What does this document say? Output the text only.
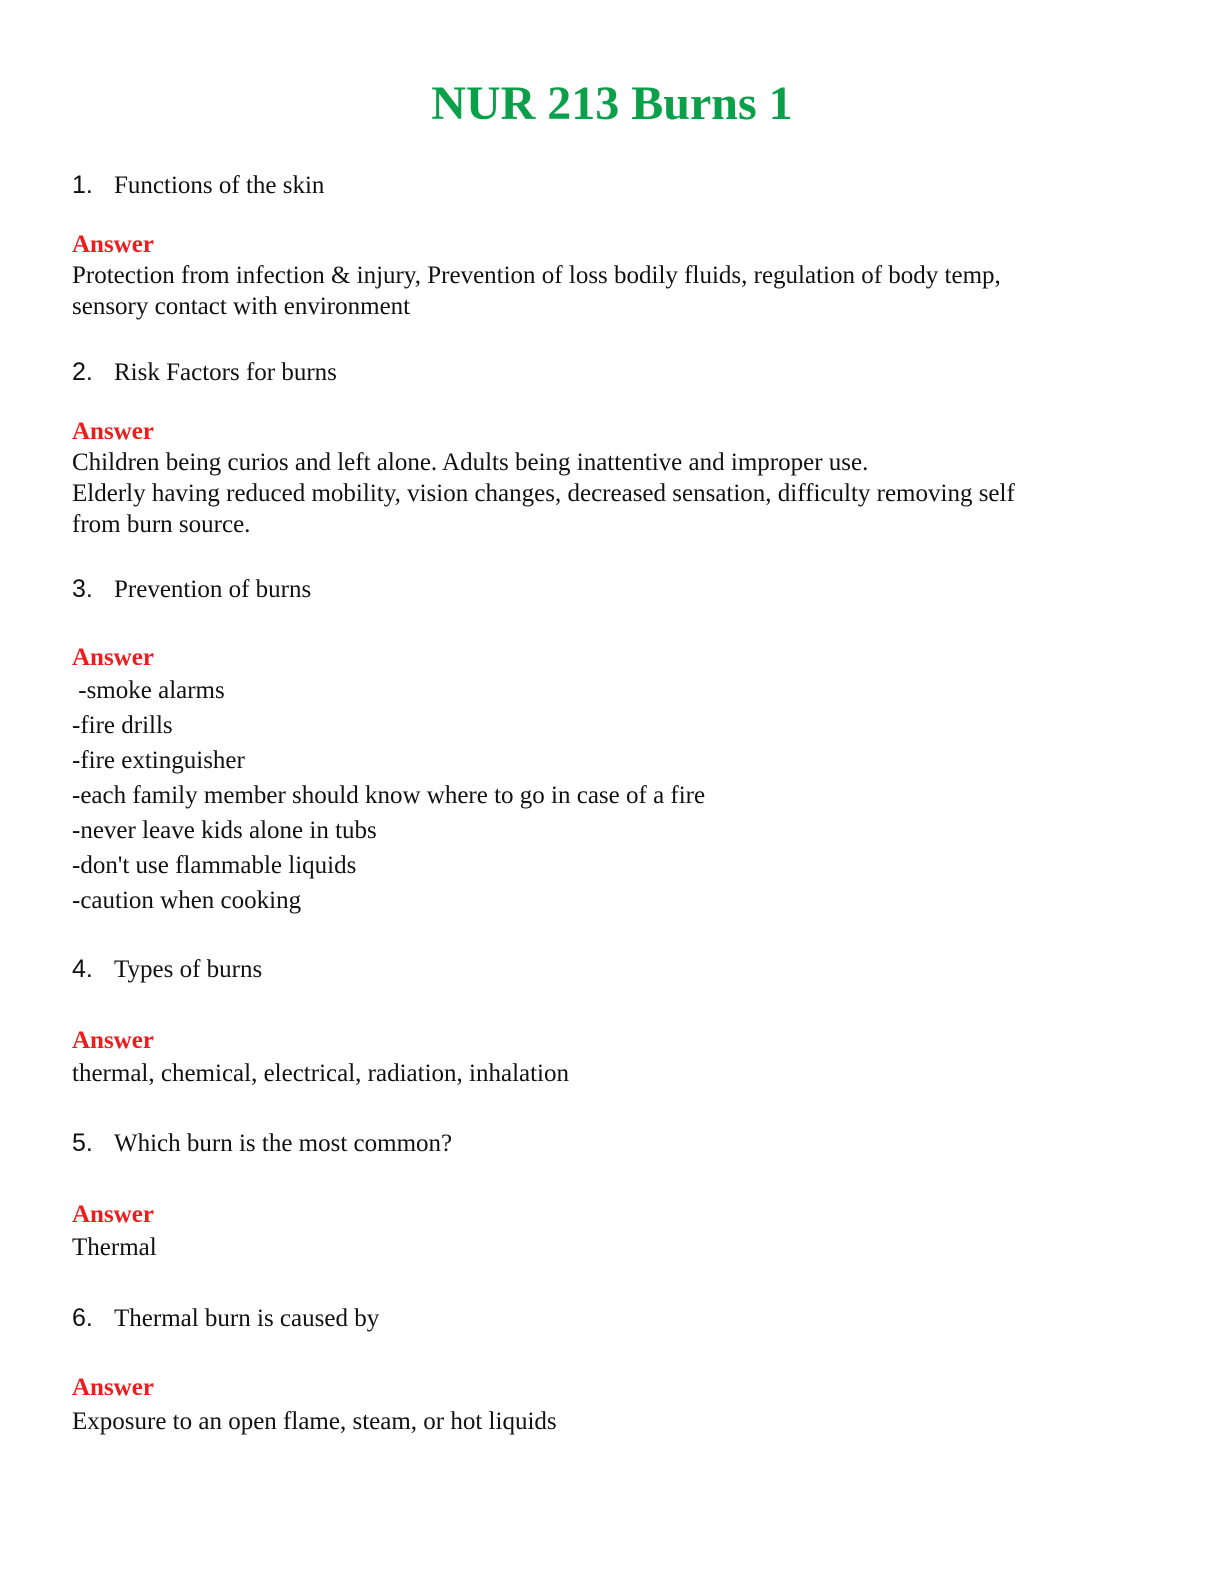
NUR 213 Burns 1
1. Functions of the skin
Answer
Protection from infection & injury, Prevention of loss bodily fluids, regulation of body temp,
sensory contact with environment
2. Risk Factors for burns
Answer
Children being curios and left alone. Adults being inattentive and improper use.
Elderly having reduced mobility, vision changes, decreased sensation, difficulty removing self
from burn source.
3. Prevention of burns
Answer
-smoke alarms
-fire drills
-fire extinguisher
-each family member should know where to go in case of a fire
-never leave kids alone in tubs
-don't use flammable liquids
-caution when cooking
4. Types of burns
Answer
thermal, chemical, electrical, radiation, inhalation
5. Which burn is the most common?
Answer
Thermal
6. Thermal burn is caused by
Answer
Exposure to an open flame, steam, or hot liquids
